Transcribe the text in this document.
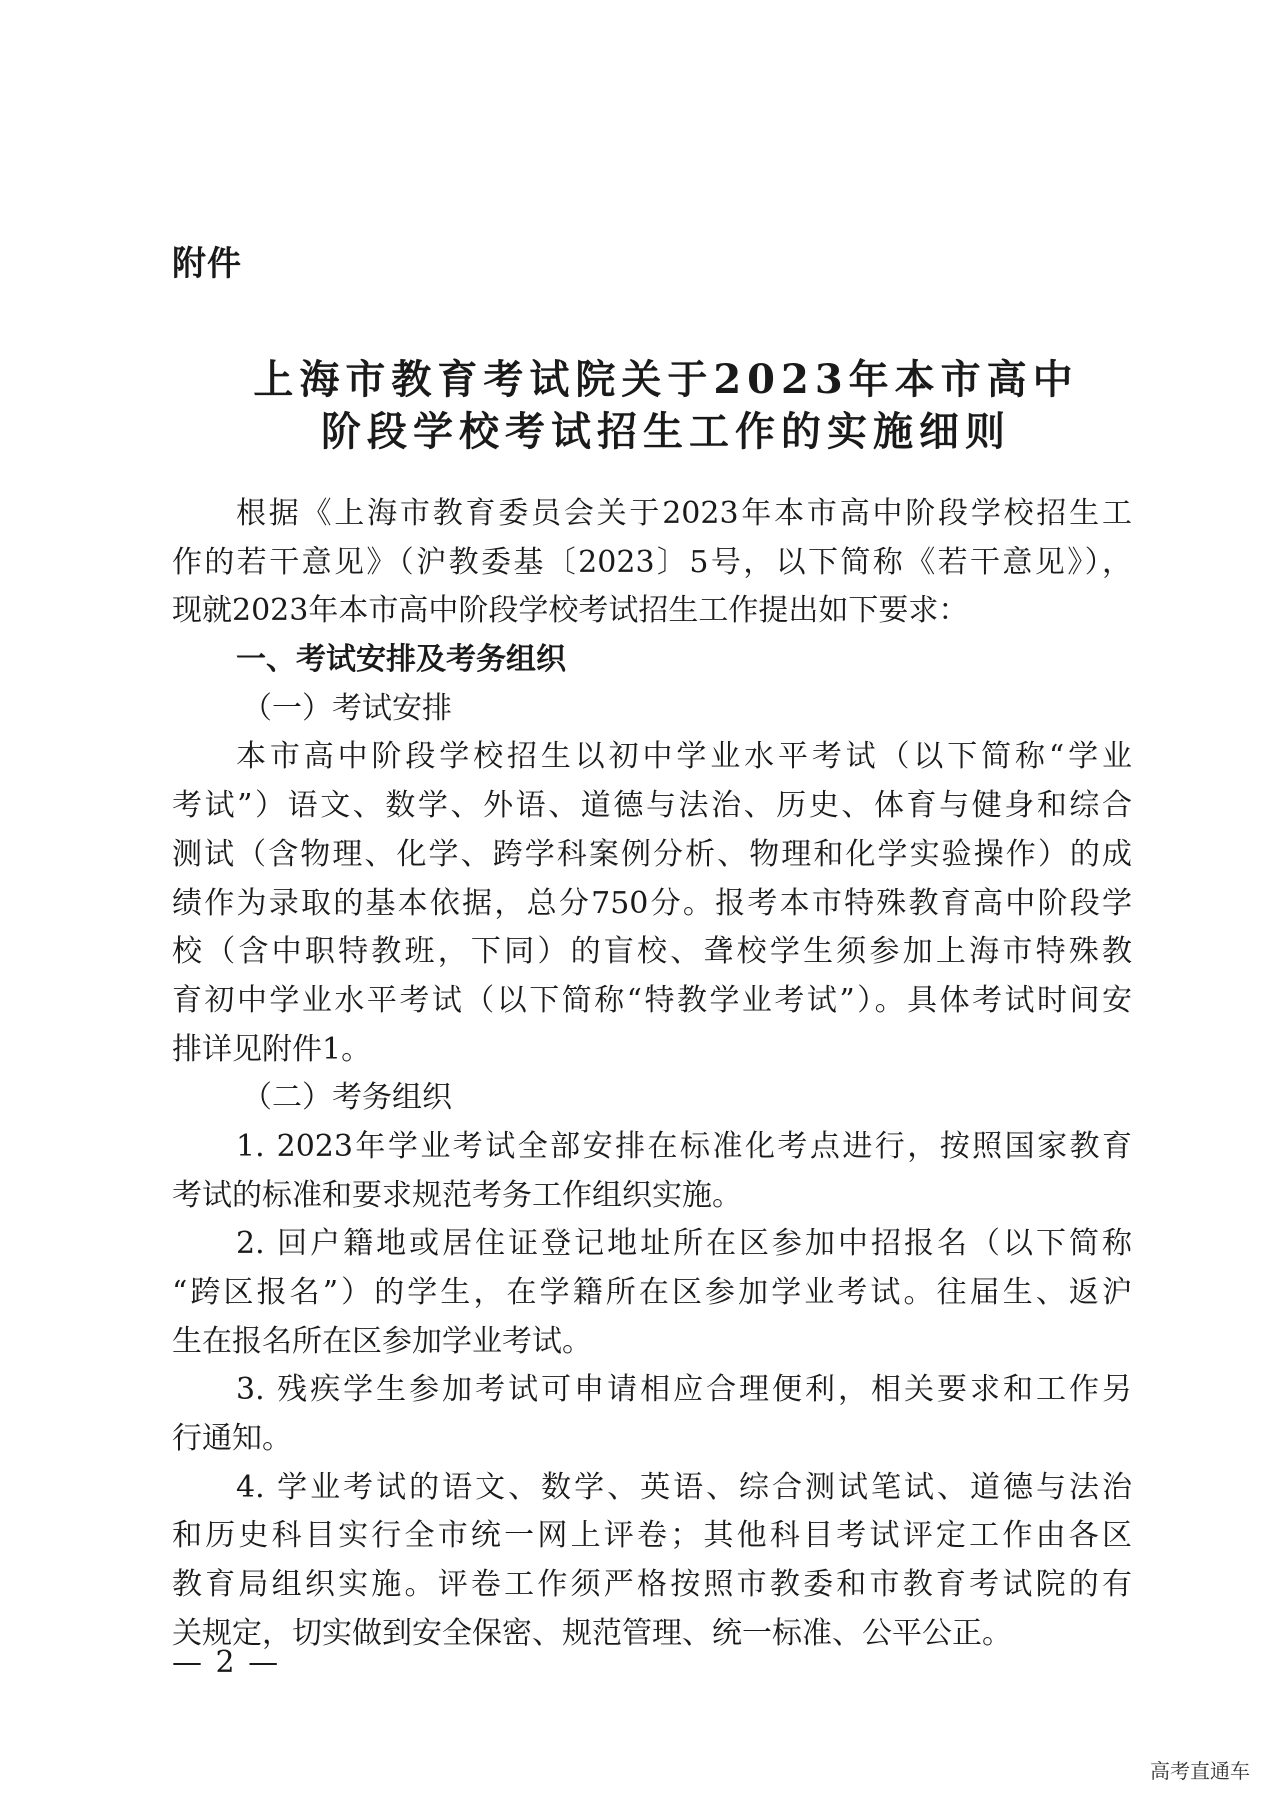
附件
上海市教育考试院关于2023年本市高中
阶段学校考试招生工作的实施细则
根据《上海市教育委员会关于2023年本市高中阶段学校招生工
作的若干意见》（沪教委基〔2023〕5号，以下简称《若干意见》），
现就2023年本市高中阶段学校考试招生工作提出如下要求：
一、考试安排及考务组织
（一）考试安排
本市高中阶段学校招生以初中学业水平考试（以下简称“学业
考试”）语文、数学、外语、道德与法治、历史、体育与健身和综合
测试（含物理、化学、跨学科案例分析、物理和化学实验操作）的成
绩作为录取的基本依据，总分750分。报考本市特殊教育高中阶段学
校（含中职特教班，下同）的盲校、聋校学生须参加上海市特殊教
育初中学业水平考试（以下简称“特教学业考试”）。具体考试时间安
排详见附件1。
（二）考务组织
1. 2023年学业考试全部安排在标准化考点进行，按照国家教育
考试的标准和要求规范考务工作组织实施。
2. 回户籍地或居住证登记地址所在区参加中招报名（以下简称
“跨区报名”）的学生，在学籍所在区参加学业考试。往届生、返沪
生在报名所在区参加学业考试。
3. 残疾学生参加考试可申请相应合理便利，相关要求和工作另
行通知。
4. 学业考试的语文、数学、英语、综合测试笔试、道德与法治
和历史科目实行全市统一网上评卷；其他科目考试评定工作由各区
教育局组织实施。评卷工作须严格按照市教委和市教育考试院的有
关规定，切实做到安全保密、规范管理、统一标准、公平公正。
— 2 —
高考直通车
